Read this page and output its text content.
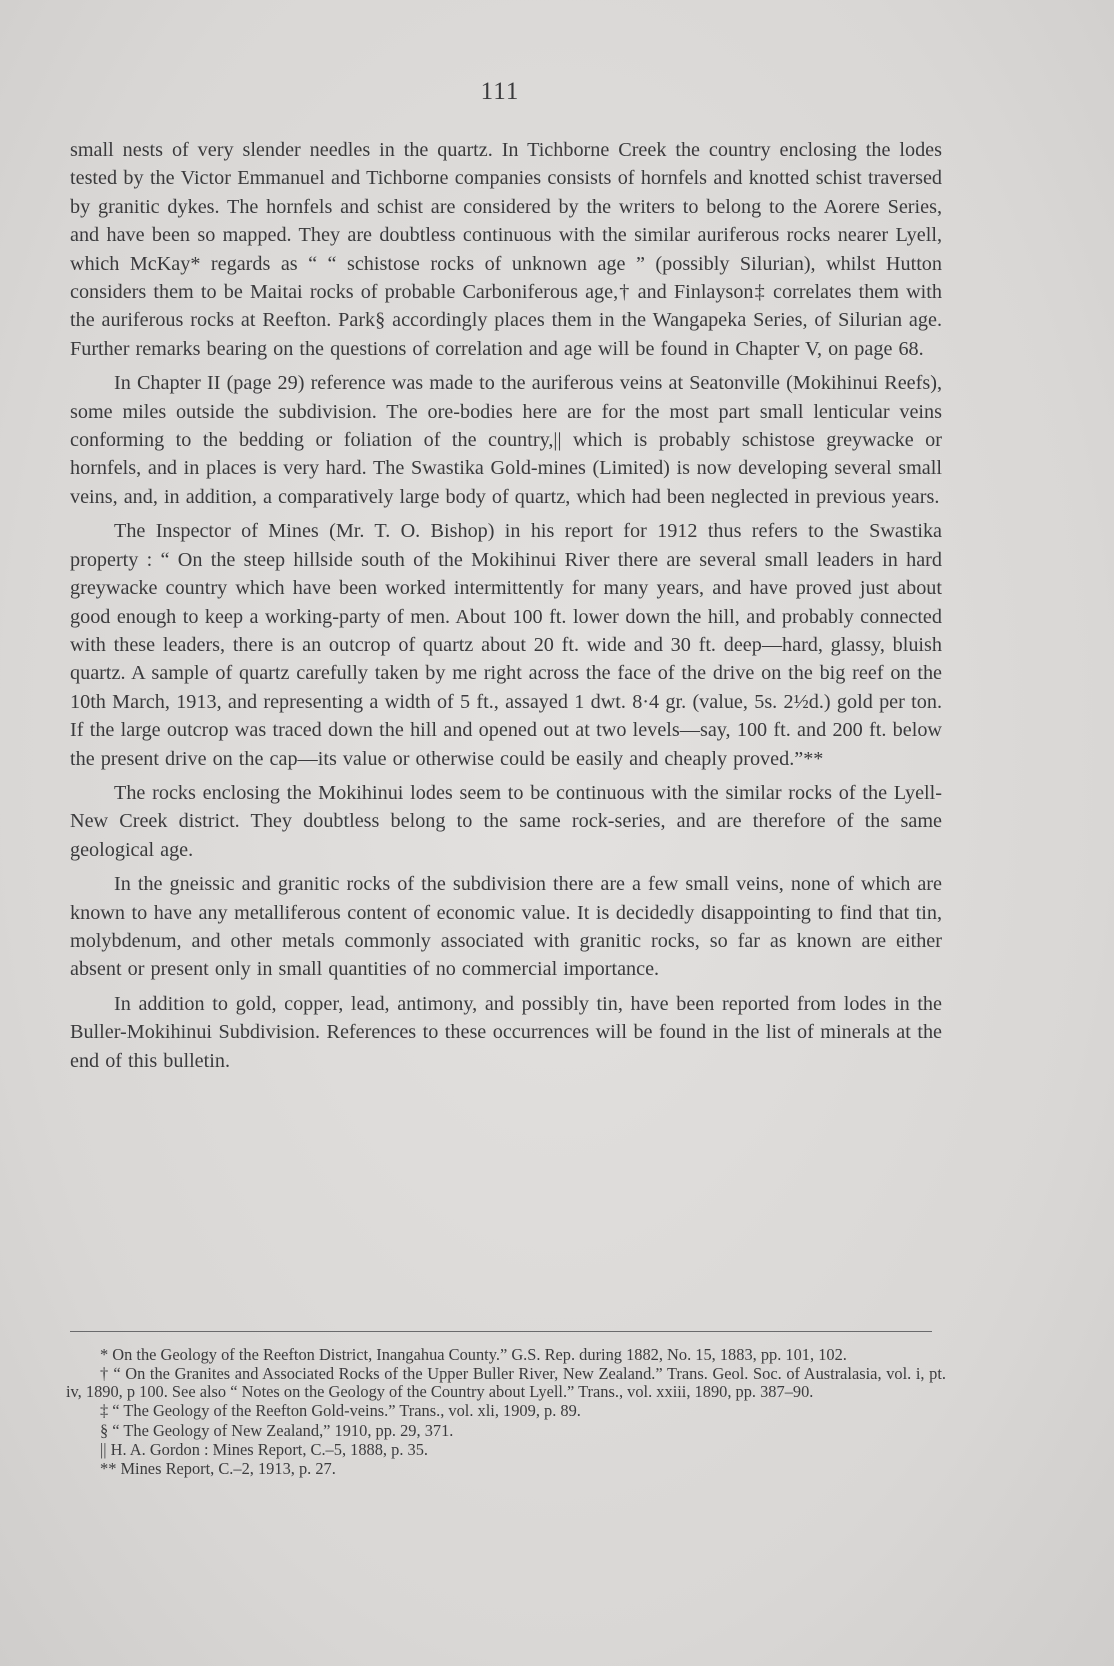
111

small nests of very slender needles in the quartz. In Tichborne Creek the country enclosing the lodes tested by the Victor Emmanuel and Tichborne companies consists of hornfels and knotted schist traversed by granitic dykes. The hornfels and schist are considered by the writers to belong to the Aorere Series, and have been so mapped. They are doubtless continuous with the similar auriferous rocks nearer Lyell, which McKay* regards as “ “ schistose rocks of unknown age ” (possibly Silurian), whilst Hutton considers them to be Maitai rocks of probable Carboniferous age,† and Finlayson‡ correlates them with the auriferous rocks at Reefton. Park§ accordingly places them in the Wangapeka Series, of Silurian age. Further remarks bearing on the questions of correlation and age will be found in Chapter V, on page 68.

In Chapter II (page 29) reference was made to the auriferous veins at Seatonville (Mokihinui Reefs), some miles outside the subdivision. The ore-bodies here are for the most part small lenticular veins conforming to the bedding or foliation of the country,|| which is probably schistose greywacke or hornfels, and in places is very hard. The Swastika Gold-mines (Limited) is now developing several small veins, and, in addition, a comparatively large body of quartz, which had been neglected in previous years.

The Inspector of Mines (Mr. T. O. Bishop) in his report for 1912 thus refers to the Swastika property : “ On the steep hillside south of the Mokihinui River there are several small leaders in hard greywacke country which have been worked intermittently for many years, and have proved just about good enough to keep a working-party of men. About 100 ft. lower down the hill, and probably connected with these leaders, there is an outcrop of quartz about 20 ft. wide and 30 ft. deep—hard, glassy, bluish quartz. A sample of quartz carefully taken by me right across the face of the drive on the big reef on the 10th March, 1913, and representing a width of 5 ft., assayed 1 dwt. 8·4 gr. (value, 5s. 2½d.) gold per ton. If the large outcrop was traced down the hill and opened out at two levels—say, 100 ft. and 200 ft. below the present drive on the cap—its value or otherwise could be easily and cheaply proved.”**

The rocks enclosing the Mokihinui lodes seem to be continuous with the similar rocks of the Lyell-New Creek district. They doubtless belong to the same rock-series, and are therefore of the same geological age.

In the gneissic and granitic rocks of the subdivision there are a few small veins, none of which are known to have any metalliferous content of economic value. It is decidedly disappointing to find that tin, molybdenum, and other metals commonly associated with granitic rocks, so far as known are either absent or present only in small quantities of no commercial importance.

In addition to gold, copper, lead, antimony, and possibly tin, have been reported from lodes in the Buller-Mokihinui Subdivision. References to these occurrences will be found in the list of minerals at the end of this bulletin.

* On the Geology of the Reefton District, Inangahua County.” G.S. Rep. during 1882, No. 15, 1883, pp. 101, 102.

† “ On the Granites and Associated Rocks of the Upper Buller River, New Zealand.” Trans. Geol. Soc. of Australasia, vol. i, pt. iv, 1890, p 100. See also “ Notes on the Geology of the Country about Lyell.” Trans., vol. xxiii, 1890, pp. 387–90.

‡ “ The Geology of the Reefton Gold-veins.” Trans., vol. xli, 1909, p. 89.

§ “ The Geology of New Zealand,” 1910, pp. 29, 371.

|| H. A. Gordon : Mines Report, C.–5, 1888, p. 35.

** Mines Report, C.–2, 1913, p. 27.
